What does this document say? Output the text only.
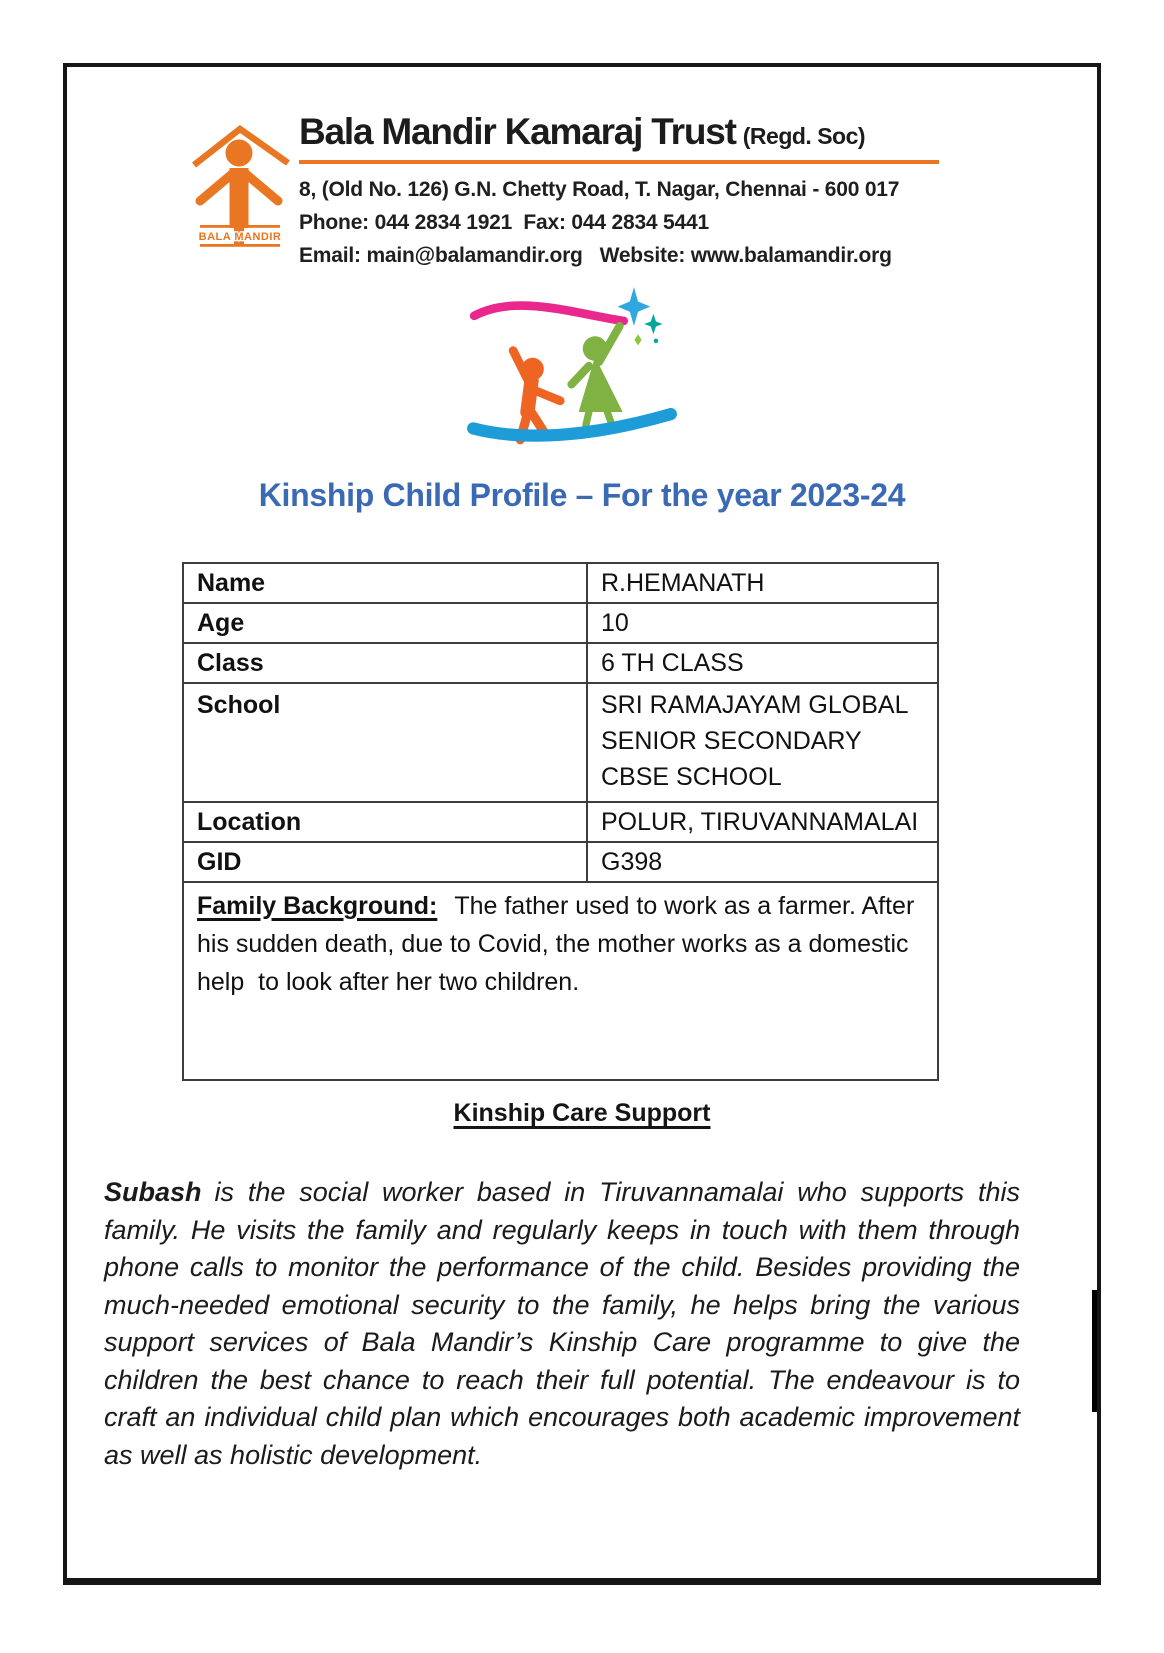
BALA MANDIR
Bala Mandir Kamaraj Trust (Regd. Soc)
8, (Old No. 126) G.N. Chetty Road, T. Nagar, Chennai - 600 017
Phone: 044 2834 1921  Fax: 044 2834 5441
Email: main@balamandir.org   Website: www.balamandir.org
Kinship Child Profile – For the year 2023-24
Name	R.HEMANATH
Age	10
Class	6 TH CLASS
School	SRI RAMAJAYAM GLOBAL SENIOR SECONDARY CBSE SCHOOL
Location	POLUR, TIRUVANNAMALAI
GID	G398
Family Background: The father used to work as a farmer. After his sudden death, due to Covid, the mother works as a domestic help  to look after her two children.	
Kinship Care Support

Subash is the social worker based in Tiruvannamalai who supports this family. He visits the family and regularly keeps in touch with them through phone calls to monitor the performance of the child. Besides providing the much-needed emotional security to the family, he helps bring the various support services of Bala Mandir’s Kinship Care programme to give the children the best chance to reach their full potential. The endeavour is to craft an individual child plan which encourages both academic improvement as well as holistic development.
